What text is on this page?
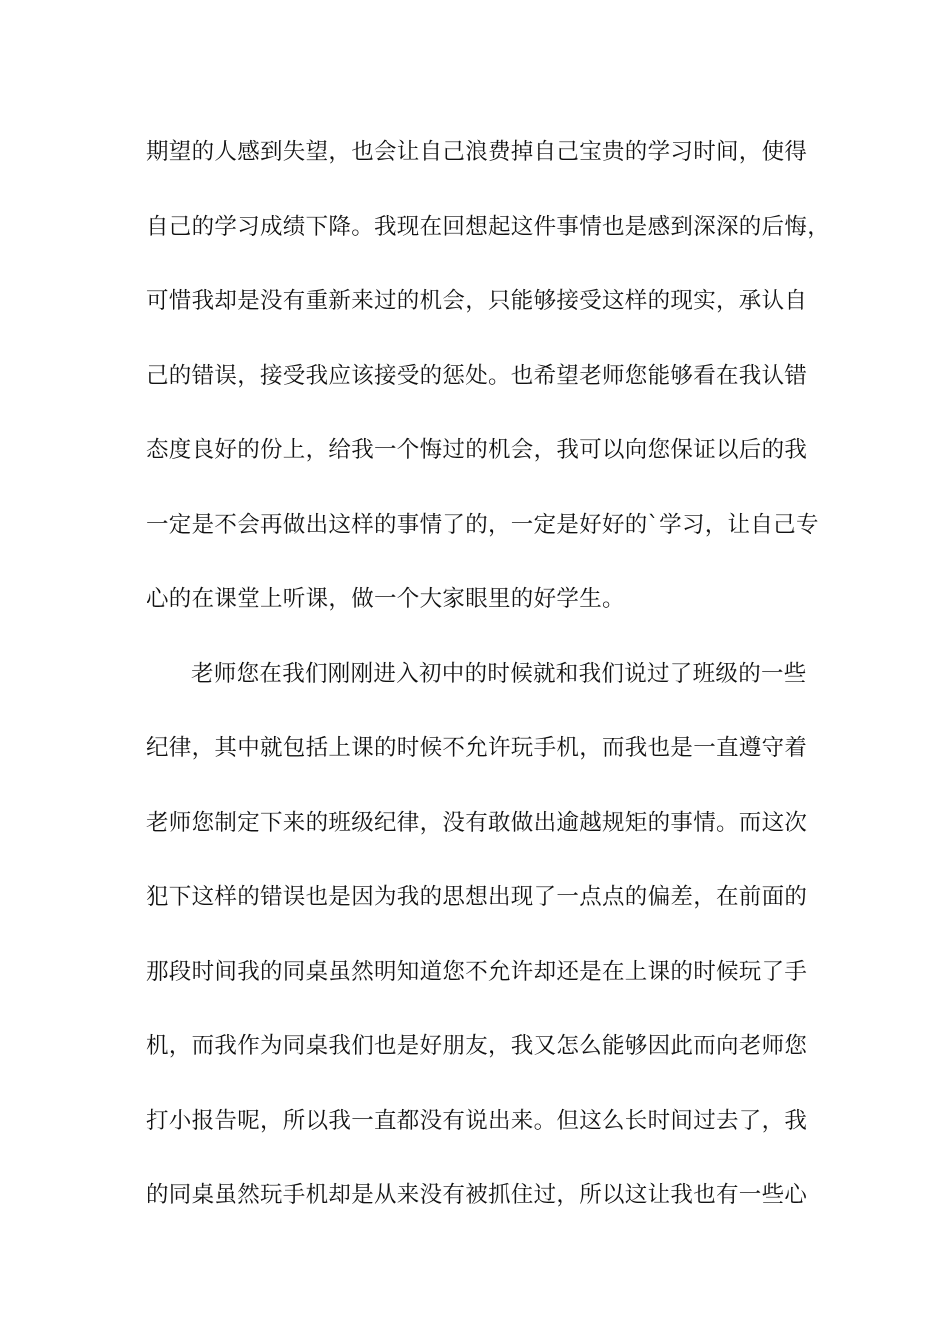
期望的人感到失望，也会让自己浪费掉自己宝贵的学习时间，使得
自己的学习成绩下降。我现在回想起这件事情也是感到深深的后悔，
可惜我却是没有重新来过的机会，只能够接受这样的现实，承认自
己的错误，接受我应该接受的惩处。也希望老师您能够看在我认错
态度良好的份上，给我一个悔过的机会，我可以向您保证以后的我
一定是不会再做出这样的事情了的，一定是好好的`学习，让自己专
心的在课堂上听课，做一个大家眼里的好学生。
老师您在我们刚刚进入初中的时候就和我们说过了班级的一些
纪律，其中就包括上课的时候不允许玩手机，而我也是一直遵守着
老师您制定下来的班级纪律，没有敢做出逾越规矩的事情。而这次
犯下这样的错误也是因为我的思想出现了一点点的偏差，在前面的
那段时间我的同桌虽然明知道您不允许却还是在上课的时候玩了手
机，而我作为同桌我们也是好朋友，我又怎么能够因此而向老师您
打小报告呢，所以我一直都没有说出来。但这么长时间过去了，我
的同桌虽然玩手机却是从来没有被抓住过，所以这让我也有一些心
